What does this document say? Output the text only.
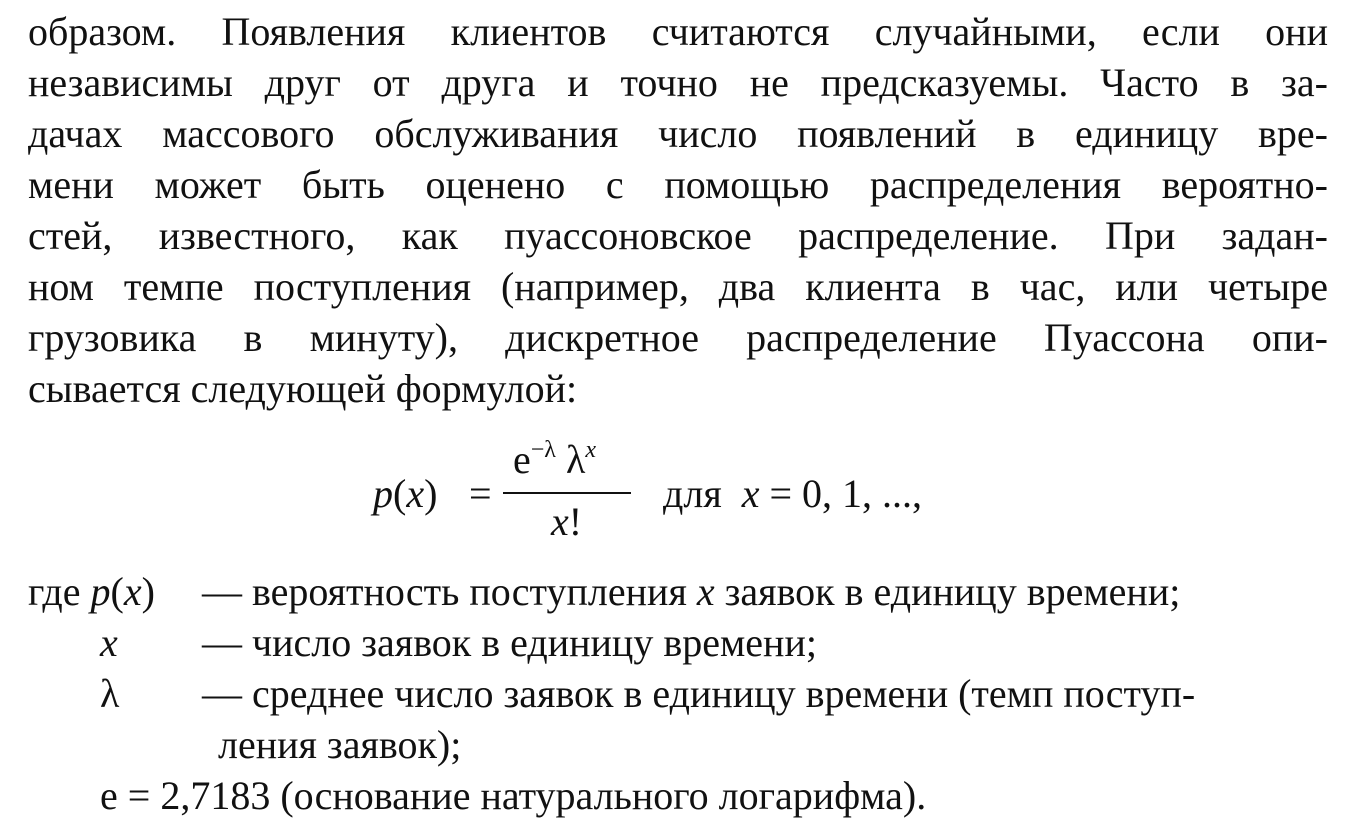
образом. Появления клиентов считаются случайными, если они
независимы друг от друга и точно не предсказуемы. Часто в за-
дачах массового обслуживания число появлений в единицу вре-
мени может быть оценено с помощью распределения вероятно-
стей, известного, как пуассоновское распределение. При задан-
ном темпе поступления (например, два клиента в час, или четыре
грузовика в минуту), дискретное распределение Пуассона опи-
сывается следующей формулой:
p(x) =
$e^{-\lambda}$ $\lambda^x$
x!
для x = 0, 1, ...,
где p(x) — вероятность поступления x заявок в единицу времени;
x — число заявок в единицу времени;
λ — среднее число заявок в единицу времени (темп поступ-
ления заявок);
e = 2,7183 (основание натурального логарифма).
